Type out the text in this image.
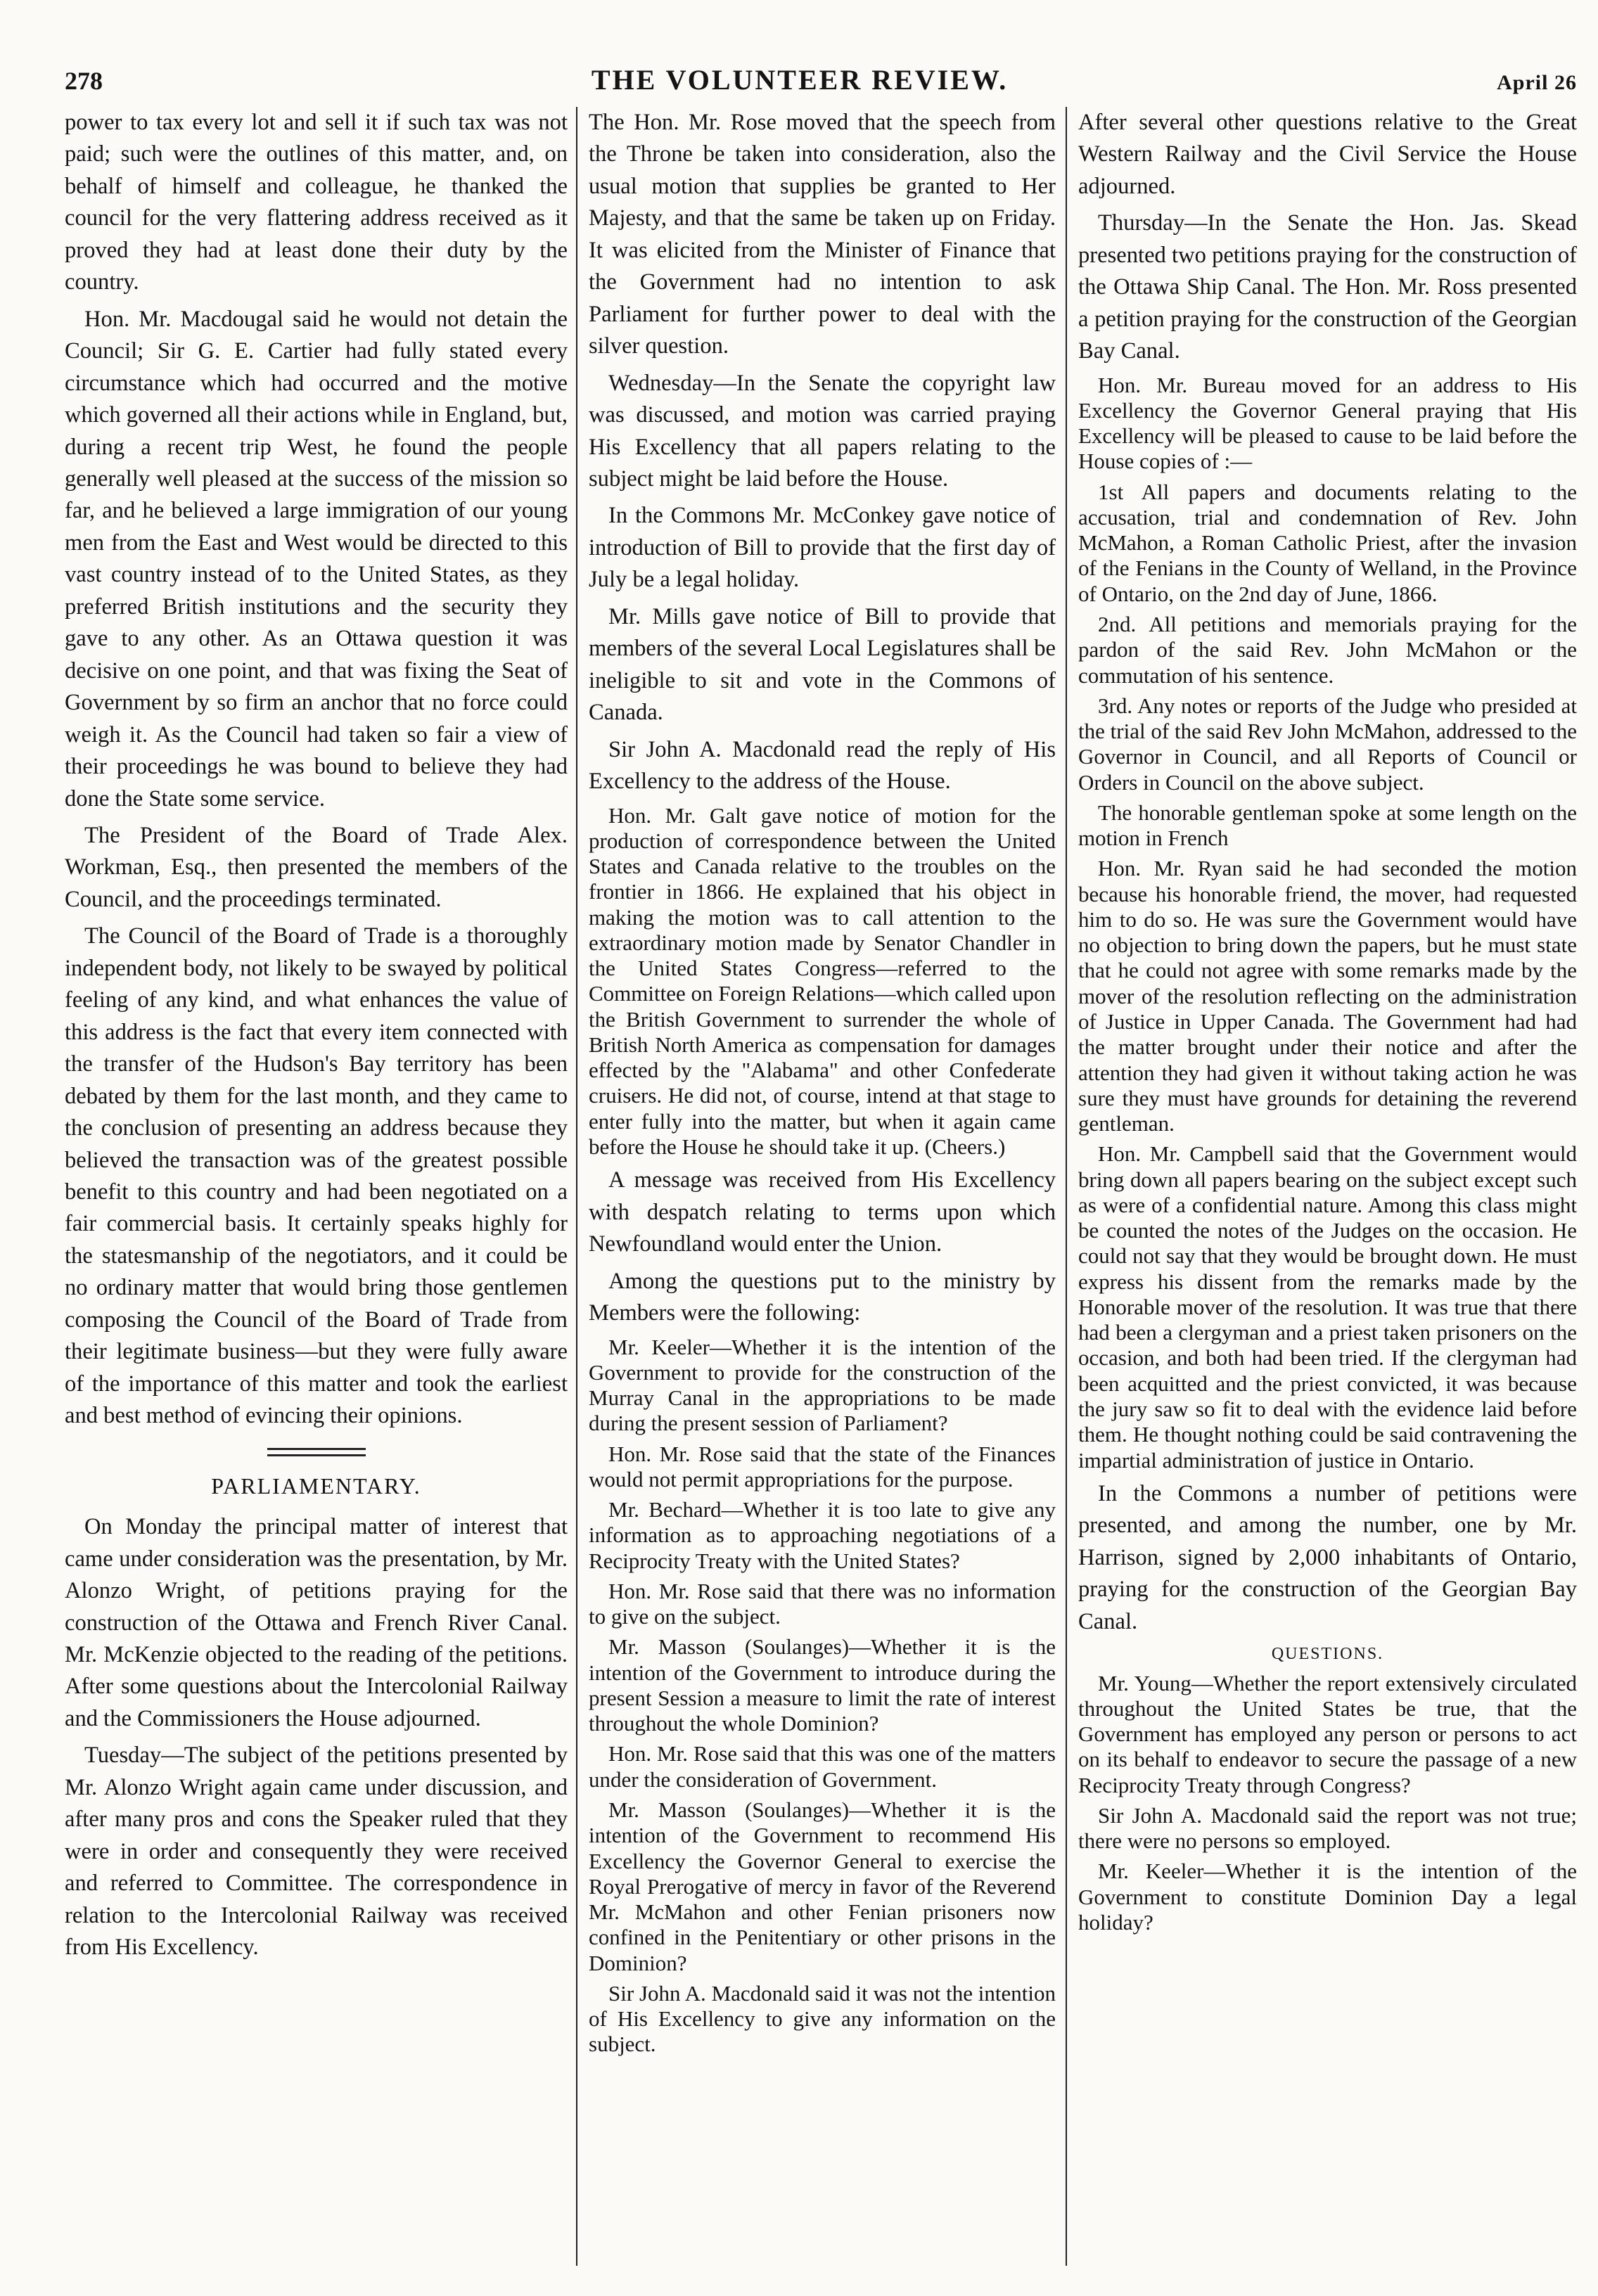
278	THE VOLUNTEER REVIEW.	April 26

power to tax every lot and sell it if such tax was not paid; such were the outlines of this matter, and, on behalf of himself and colleague, he thanked the council for the very flattering address received as it proved they had at least done their duty by the country.

Hon. Mr. Macdougal said he would not detain the Council; Sir G. E. Cartier had fully stated every circumstance which had occurred and the motive which governed all their actions while in England, but, during a recent trip West, he found the people generally well pleased at the success of the mission so far, and he believed a large immigration of our young men from the East and West would be directed to this vast country instead of to the United States, as they preferred British institutions and the security they gave to any other. As an Ottawa question it was decisive on one point, and that was fixing the Seat of Government by so firm an anchor that no force could weigh it. As the Council had taken so fair a view of their proceedings he was bound to believe they had done the State some service.

The President of the Board of Trade Alex. Workman, Esq., then presented the members of the Council, and the proceedings terminated.

The Council of the Board of Trade is a thoroughly independent body, not likely to be swayed by political feeling of any kind, and what enhances the value of this address is the fact that every item connected with the transfer of the Hudson's Bay territory has been debated by them for the last month, and they came to the conclusion of presenting an address because they believed the transaction was of the greatest possible benefit to this country and had been negotiated on a fair commercial basis. It certainly speaks highly for the statesmanship of the negotiators, and it could be no ordinary matter that would bring those gentlemen composing the Council of the Board of Trade from their legitimate business—but they were fully aware of the importance of this matter and took the earliest and best method of evincing their opinions.

PARLIAMENTARY.

On Monday the principal matter of interest that came under consideration was the presentation, by Mr. Alonzo Wright, of petitions praying for the construction of the Ottawa and French River Canal. Mr. McKenzie objected to the reading of the petitions. After some questions about the Intercolonial Railway and the Commissioners the House adjourned.

Tuesday—The subject of the petitions presented by Mr. Alonzo Wright again came under discussion, and after many pros and cons the Speaker ruled that they were in order and consequently they were received and referred to Committee. The correspondence in relation to the Intercolonial Railway was received from His Excellency.

The Hon. Mr. Rose moved that the speech from the Throne be taken into consideration, also the usual motion that supplies be granted to Her Majesty, and that the same be taken up on Friday. It was elicited from the Minister of Finance that the Government had no intention to ask Parliament for further power to deal with the silver question.

Wednesday—In the Senate the copyright law was discussed, and motion was carried praying His Excellency that all papers relating to the subject might be laid before the House.

In the Commons Mr. McConkey gave notice of introduction of Bill to provide that the first day of July be a legal holiday.

Mr. Mills gave notice of Bill to provide that members of the several Local Legislatures shall be ineligible to sit and vote in the Commons of Canada.

Sir John A. Macdonald read the reply of His Excellency to the address of the House.

Hon. Mr. Galt gave notice of motion for the production of correspondence between the United States and Canada relative to the troubles on the frontier in 1866. He explained that his object in making the motion was to call attention to the extraordinary motion made by Senator Chandler in the United States Congress—referred to the Committee on Foreign Relations—which called upon the British Government to surrender the whole of British North America as compensation for damages effected by the "Alabama" and other Confederate cruisers. He did not, of course, intend at that stage to enter fully into the matter, but when it again came before the House he should take it up. (Cheers.)

A message was received from His Excellency with despatch relating to terms upon which Newfoundland would enter the Union.

Among the questions put to the ministry by Members were the following:

Mr. Keeler—Whether it is the intention of the Government to provide for the construction of the Murray Canal in the appropriations to be made during the present session of Parliament?

Hon. Mr. Rose said that the state of the Finances would not permit appropriations for the purpose.

Mr. Bechard—Whether it is too late to give any information as to approaching negotiations of a Reciprocity Treaty with the United States?

Hon. Mr. Rose said that there was no information to give on the subject.

Mr. Masson (Soulanges)—Whether it is the intention of the Government to introduce during the present Session a measure to limit the rate of interest throughout the whole Dominion?

Hon. Mr. Rose said that this was one of the matters under the consideration of Government.

Mr. Masson (Soulanges)—Whether it is the intention of the Government to recommend His Excellency the Governor General to exercise the Royal Prerogative of mercy in favor of the Reverend Mr. McMahon and other Fenian prisoners now confined in the Penitentiary or other prisons in the Dominion?

Sir John A. Macdonald said it was not the intention of His Excellency to give any information on the subject.

After several other questions relative to the Great Western Railway and the Civil Service the House adjourned.

Thursday—In the Senate the Hon. Jas. Skead presented two petitions praying for the construction of the Ottawa Ship Canal. The Hon. Mr. Ross presented a petition praying for the construction of the Georgian Bay Canal.

Hon. Mr. Bureau moved for an address to His Excellency the Governor General praying that His Excellency will be pleased to cause to be laid before the House copies of :—

1st All papers and documents relating to the accusation, trial and condemnation of Rev. John McMahon, a Roman Catholic Priest, after the invasion of the Fenians in the County of Welland, in the Province of Ontario, on the 2nd day of June, 1866.

2nd. All petitions and memorials praying for the pardon of the said Rev. John McMahon or the commutation of his sentence.

3rd. Any notes or reports of the Judge who presided at the trial of the said Rev John McMahon, addressed to the Governor in Council, and all Reports of Council or Orders in Council on the above subject.

The honorable gentleman spoke at some length on the motion in French

Hon. Mr. Ryan said he had seconded the motion because his honorable friend, the mover, had requested him to do so. He was sure the Government would have no objection to bring down the papers, but he must state that he could not agree with some remarks made by the mover of the resolution reflecting on the administration of Justice in Upper Canada. The Government had had the matter brought under their notice and after the attention they had given it without taking action he was sure they must have grounds for detaining the reverend gentleman.

Hon. Mr. Campbell said that the Government would bring down all papers bearing on the subject except such as were of a confidential nature. Among this class might be counted the notes of the Judges on the occasion. He could not say that they would be brought down. He must express his dissent from the remarks made by the Honorable mover of the resolution. It was true that there had been a clergyman and a priest taken prisoners on the occasion, and both had been tried. If the clergyman had been acquitted and the priest convicted, it was because the jury saw so fit to deal with the evidence laid before them. He thought nothing could be said contravening the impartial administration of justice in Ontario.

In the Commons a number of petitions were presented, and among the number, one by Mr. Harrison, signed by 2,000 inhabitants of Ontario, praying for the construction of the Georgian Bay Canal.

QUESTIONS.

Mr. Young—Whether the report extensively circulated throughout the United States be true, that the Government has employed any person or persons to act on its behalf to endeavor to secure the passage of a new Reciprocity Treaty through Congress?

Sir John A. Macdonald said the report was not true; there were no persons so employed.

Mr. Keeler—Whether it is the intention of the Government to constitute Dominion Day a legal holiday?
